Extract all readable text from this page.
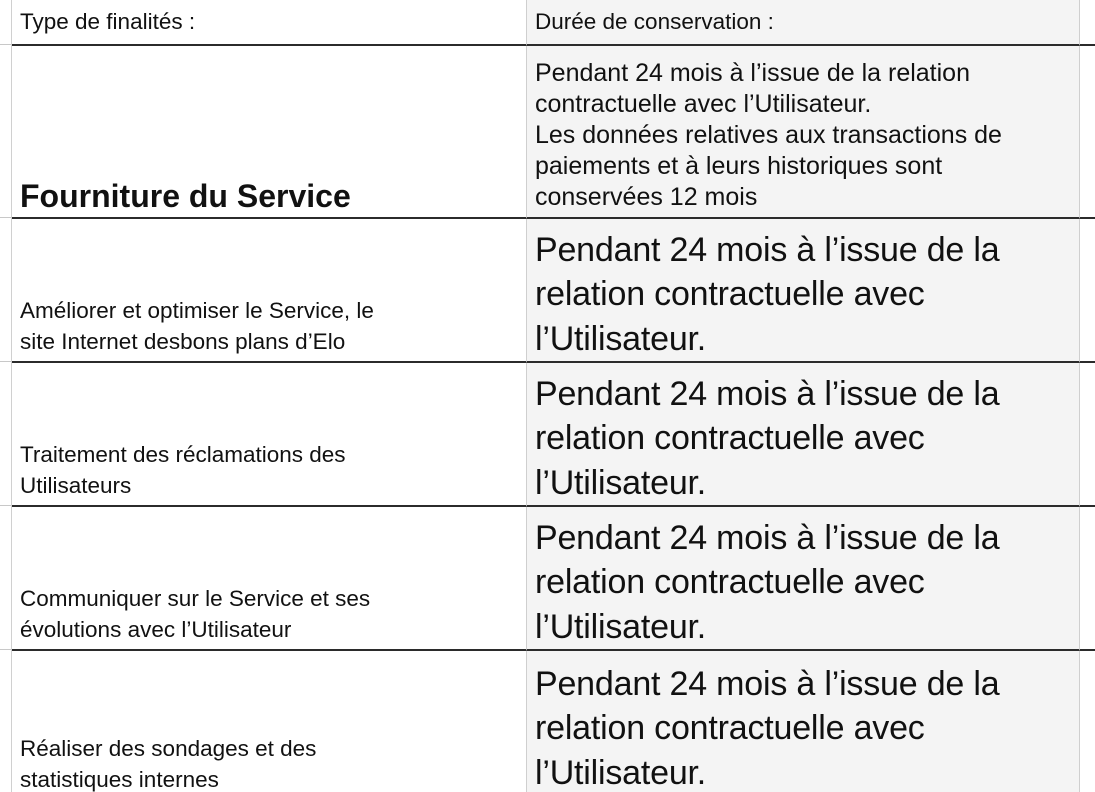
Type de finalités :	Durée de conservation :

Fourniture du Service

Pendant 24 mois à l’issue de la relation
contractuelle avec l’Utilisateur.
Les données relatives aux transactions de
paiements et à leurs historiques sont
conservées 12 mois

Améliorer et optimiser le Service, le
site Internet desbons plans d’Elo

Pendant 24 mois à l’issue de la
relation contractuelle avec
l’Utilisateur.

Traitement des réclamations des
Utilisateurs

Pendant 24 mois à l’issue de la
relation contractuelle avec
l’Utilisateur.

Communiquer sur le Service et ses
évolutions avec l’Utilisateur

Pendant 24 mois à l’issue de la
relation contractuelle avec
l’Utilisateur.

Réaliser des sondages et des
statistiques internes

Pendant 24 mois à l’issue de la
relation contractuelle avec
l’Utilisateur.
